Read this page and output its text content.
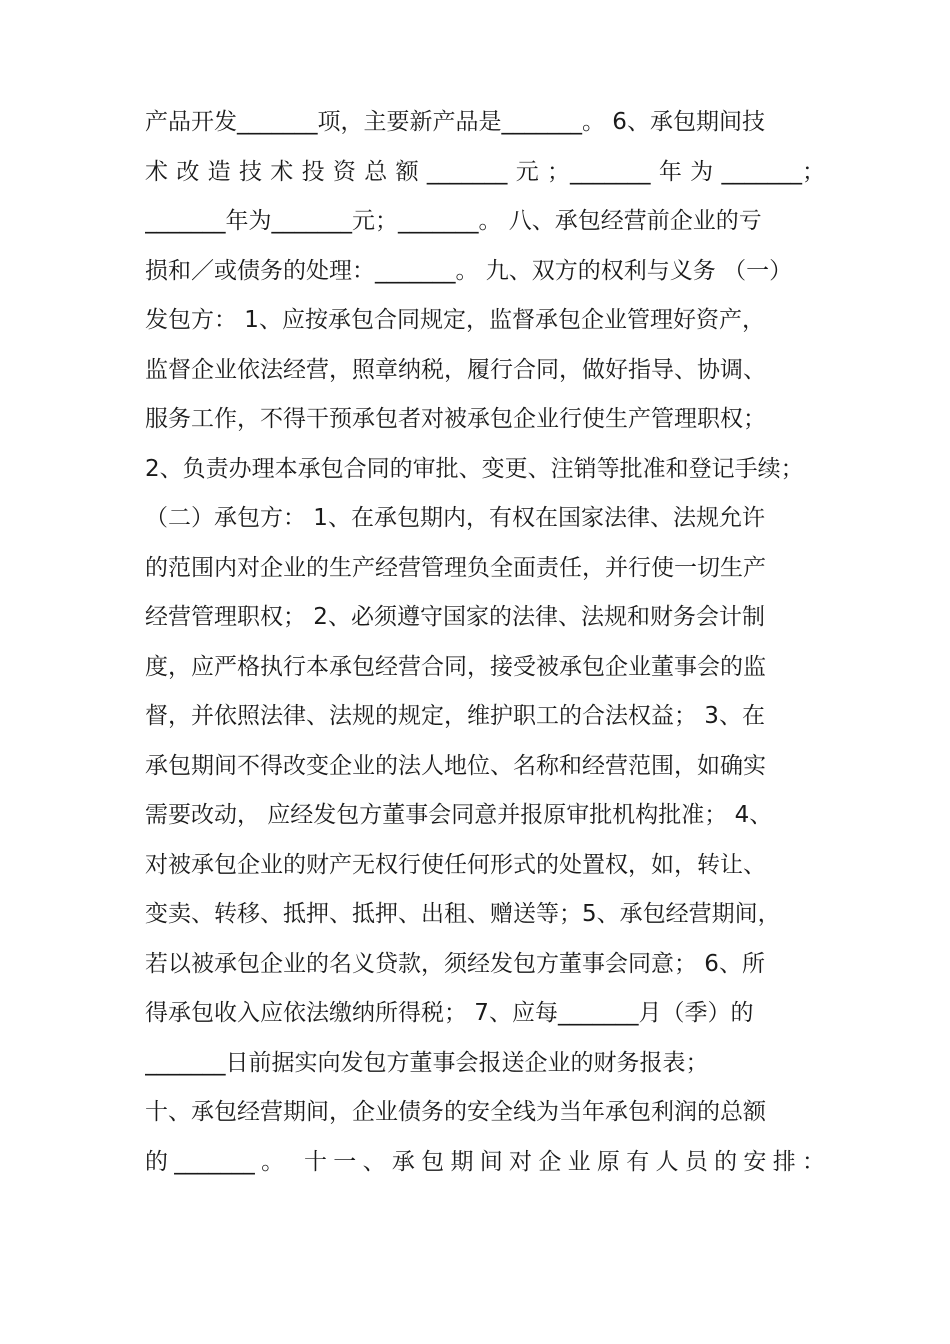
产品开发_______项，主要新产品是_______。 6、承包期间技
术改造技术投资总额_______元；_______年为_______；
_______年为_______元；_______。 八、承包经营前企业的亏
损和／或债务的处理：_______。 九、双方的权利与义务 （一）
发包方： 1、应按承包合同规定，监督承包企业管理好资产，
监督企业依法经营，照章纳税，履行合同，做好指导、协调、
服务工作，不得干预承包者对被承包企业行使生产管理职权；
2、负责办理本承包合同的审批、变更、注销等批准和登记手续；
（二）承包方： 1、在承包期内，有权在国家法律、法规允许
的范围内对企业的生产经营管理负全面责任，并行使一切生产
经营管理职权； 2、必须遵守国家的法律、法规和财务会计制
度，应严格执行本承包经营合同，接受被承包企业董事会的监
督，并依照法律、法规的规定，维护职工的合法权益； 3、在
承包期间不得改变企业的法人地位、名称和经营范围，如确实
需要改动， 应经发包方董事会同意并报原审批机构批准； 4、
对被承包企业的财产无权行使任何形式的处置权，如，转让、
变卖、转移、抵押、抵押、出租、赠送等；5、承包经营期间，
若以被承包企业的名义贷款，须经发包方董事会同意； 6、所
得承包收入应依法缴纳所得税； 7、应每_______月（季）的
_______日前据实向发包方董事会报送企业的财务报表；
十、承包经营期间，企业债务的安全线为当年承包利润的总额
的_______。 十一、承包期间对企业原有人员的安排：
